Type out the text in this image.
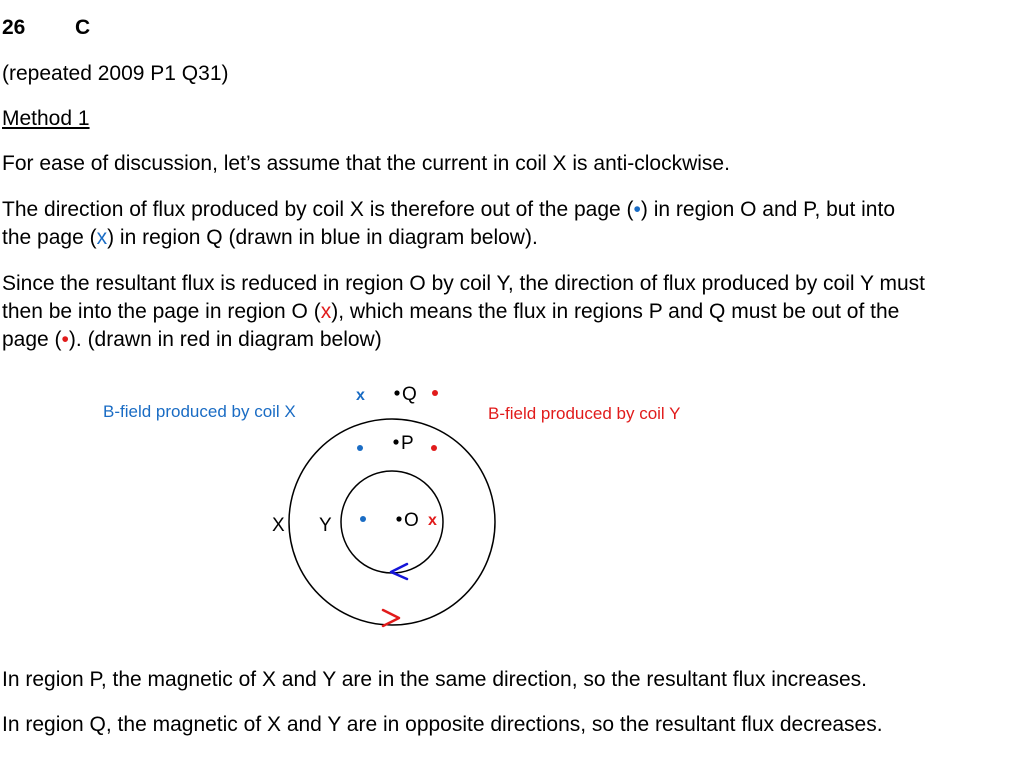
26 C
(repeated 2009 P1 Q31)
Method 1
For ease of discussion, let’s assume that the current in coil X is anti-clockwise.
The direction of flux produced by coil X is therefore out of the page (•) in region O and P, but into
the page (x) in region Q (drawn in blue in diagram below).
Since the resultant flux is reduced in region O by coil Y, the direction of flux produced by coil Y must
then be into the page in region O (x), which means the flux in regions P and Q must be out of the
page (•). (drawn in red in diagram below)
B-field produced by coil X	B-field produced by coil Y
X Y
x Q
P
O x
In region P, the magnetic of X and Y are in the same direction, so the resultant flux increases.
In region Q, the magnetic of X and Y are in opposite directions, so the resultant flux decreases.
